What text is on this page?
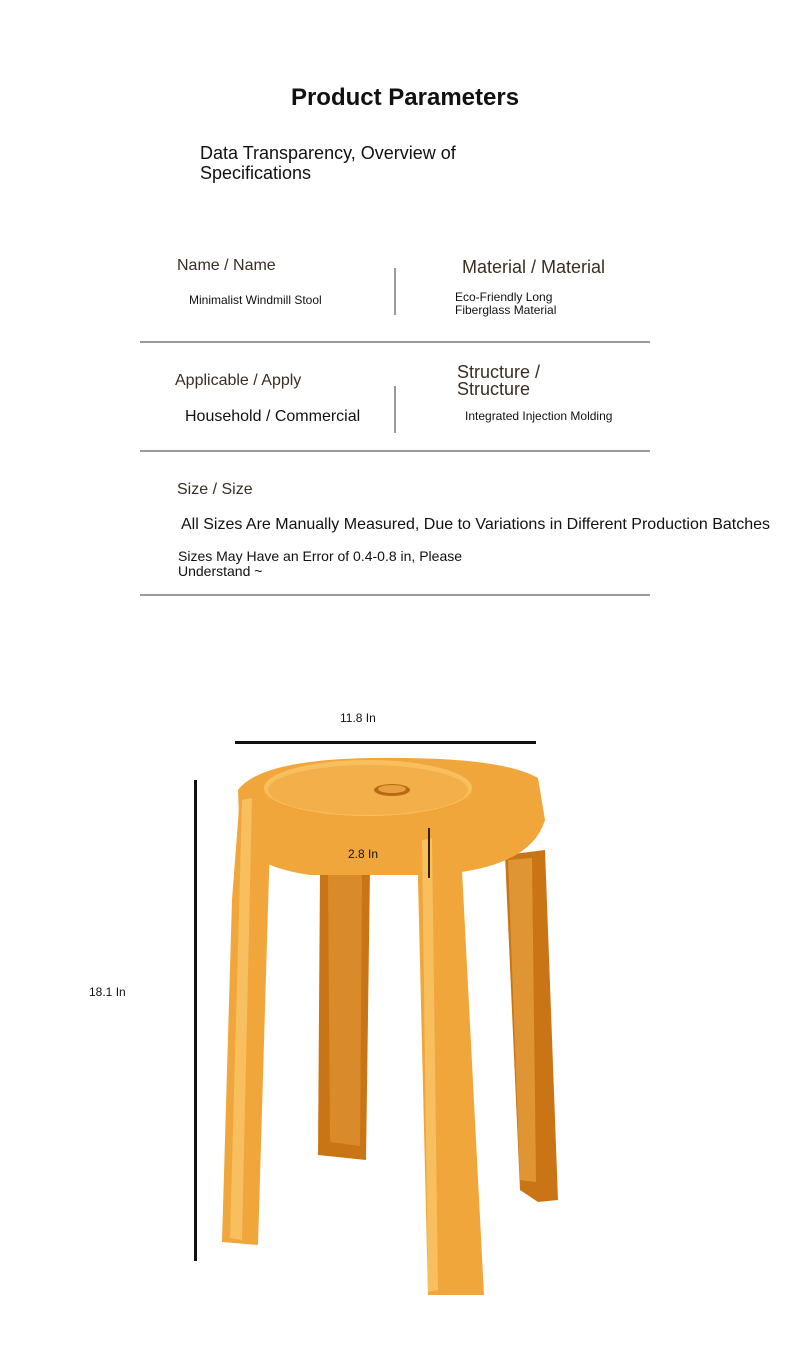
Product Parameters
Data Transparency, Overview of Specifications
Name / Name
Minimalist Windmill Stool
Material / Material
Eco-Friendly Long
Fiberglass Material
Applicable / Apply
Household / Commercial
Structure /
Structure
Integrated Injection Molding
Size / Size
All Sizes Are Manually Measured, Due to Variations in Different Production Batches
Sizes May Have an Error of 0.4-0.8 in, Please
Understand ~
11.8 In
2.8 In
18.1 In
